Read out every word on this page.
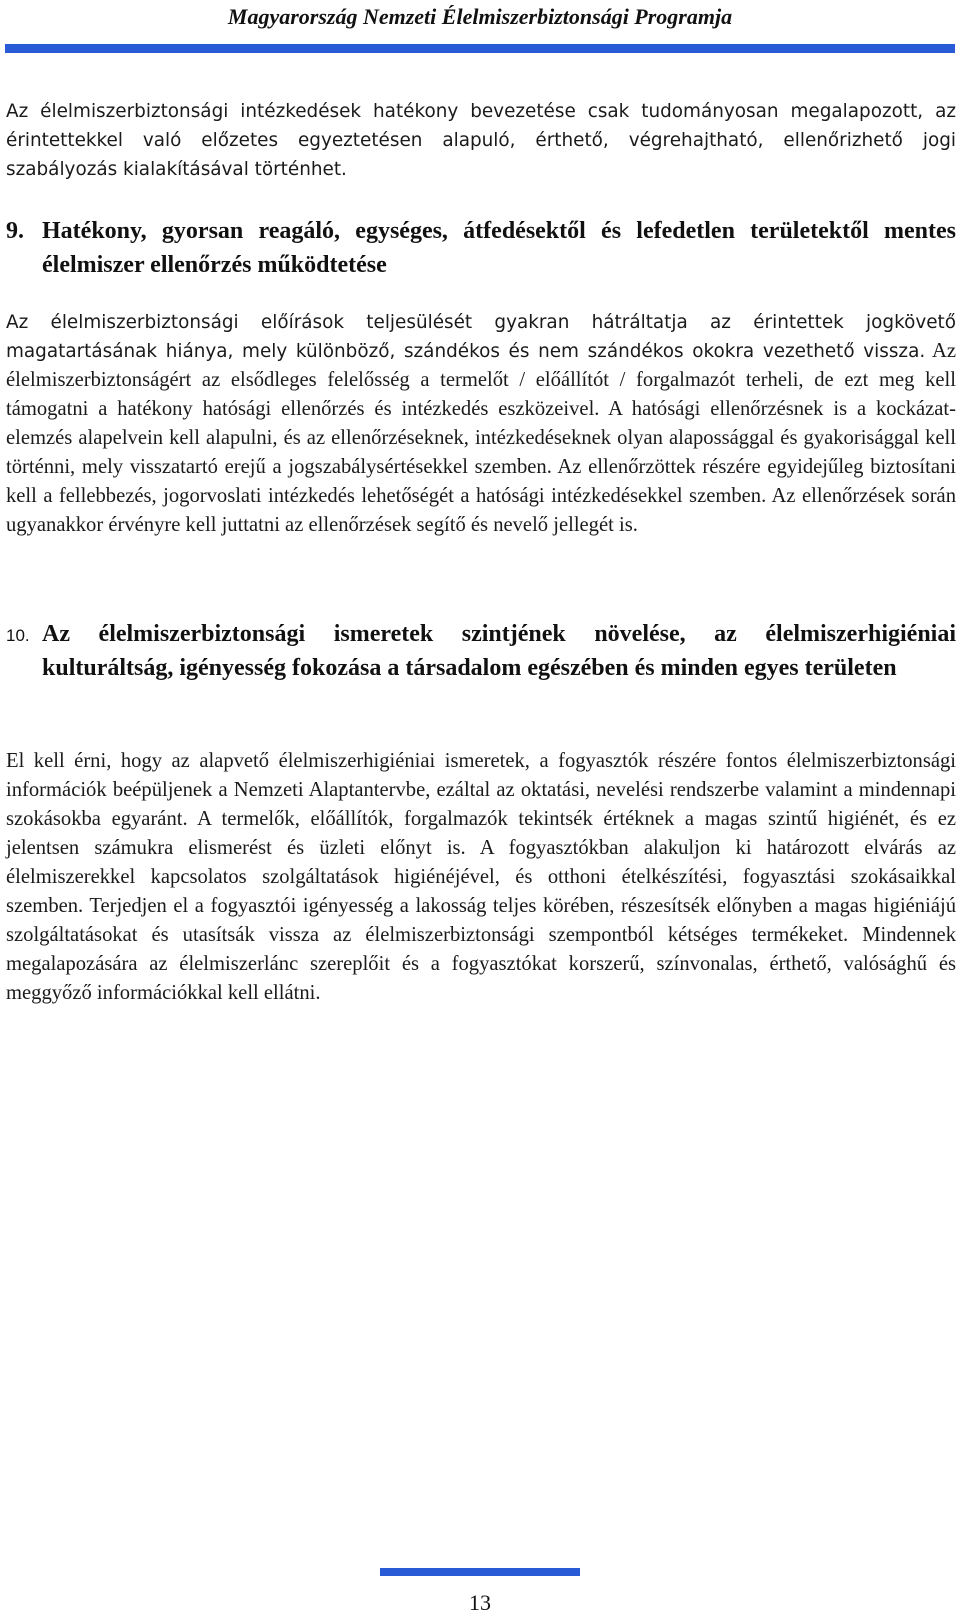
Magyarország Nemzeti Élelmiszerbiztonsági Programja

Az élelmiszerbiztonsági intézkedések hatékony bevezetése csak tudományosan megalapozott, az érintettekkel való előzetes egyeztetésen alapuló, érthető, végrehajtható, ellenőrizhető jogi szabályozás kialakításával történhet.

9. Hatékony, gyorsan reagáló, egységes, átfedésektől és lefedetlen területektől mentes élelmiszer ellenőrzés működtetése

Az élelmiszerbiztonsági előírások teljesülését gyakran hátráltatja az érintettek jogkövető magatartásának hiánya, mely különböző, szándékos és nem szándékos okokra vezethető vissza. Az élelmiszerbiztonságért az elsődleges felelősség a termelőt / előállítót / forgalmazót terheli, de ezt meg kell támogatni a hatékony hatósági ellenőrzés és intézkedés eszközeivel. A hatósági ellenőrzésnek is a kockázat-elemzés alapelvein kell alapulni, és az ellenőrzéseknek, intézkedéseknek olyan alapossággal és gyakorisággal kell történni, mely visszatartó erejű a jogszabálysértésekkel szemben. Az ellenőrzöttek részére egyidejűleg biztosítani kell a fellebbezés, jogorvoslati intézkedés lehetőségét a hatósági intézkedésekkel szemben. Az ellenőrzések során ugyanakkor érvényre kell juttatni az ellenőrzések segítő és nevelő jellegét is.

10. Az élelmiszerbiztonsági ismeretek szintjének növelése, az élelmiszerhigiéniai kulturáltság, igényesség fokozása a társadalom egészében és minden egyes területen

El kell érni, hogy az alapvető élelmiszerhigiéniai ismeretek, a fogyasztók részére fontos élelmiszerbiztonsági információk beépüljenek a Nemzeti Alaptantervbe, ezáltal az oktatási, nevelési rendszerbe valamint a mindennapi szokásokba egyaránt. A termelők, előállítók, forgalmazók tekintsék értéknek a magas szintű higiénét, és ez jelentsen számukra elismerést és üzleti előnyt is. A fogyasztókban alakuljon ki határozott elvárás az élelmiszerekkel kapcsolatos szolgáltatások higiénéjével, és otthoni ételkészítési, fogyasztási szokásaikkal szemben. Terjedjen el a fogyasztói igényesség a lakosság teljes körében, részesítsék előnyben a magas higiéniájú szolgáltatásokat és utasítsák vissza az élelmiszerbiztonsági szempontból kétséges termékeket. Mindennek megalapozására az élelmiszerlánc szereplőit és a fogyasztókat korszerű, színvonalas, érthető, valósághű és meggyőző információkkal kell ellátni.

13
